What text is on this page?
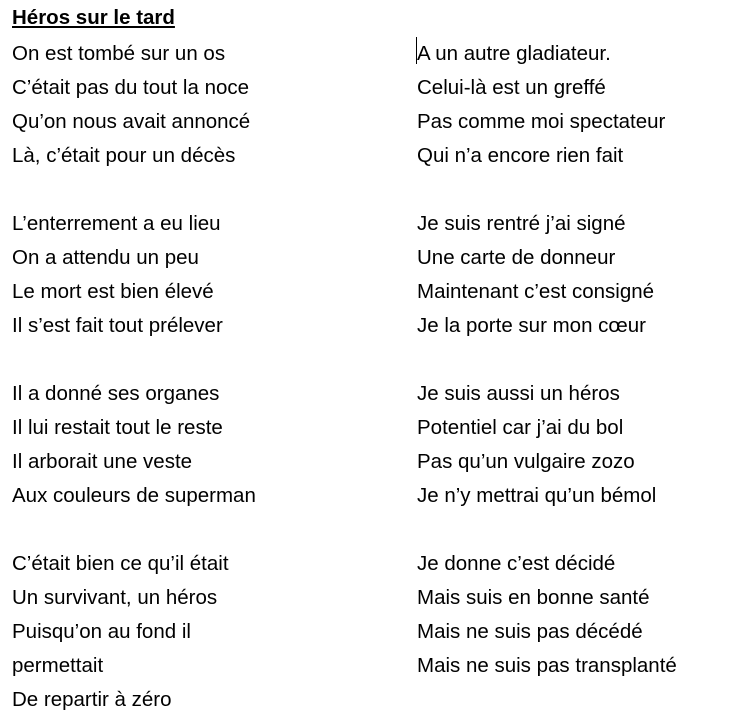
Héros sur le tard
On est tombé sur un os
C’était pas du tout la noce
Qu’on nous avait annoncé
Là, c’était pour un décès
L’enterrement a eu lieu
On a attendu un peu
Le mort est bien élevé
Il s’est fait tout prélever
Il a donné ses organes
Il lui restait tout le reste
Il arborait une veste
Aux couleurs de superman
C’était bien ce qu’il était
Un survivant, un héros
Puisqu’on au fond il
permettait
De repartir à zéro
A un autre gladiateur.
Celui-là est un greffé
Pas comme moi spectateur
Qui n’a encore rien fait
Je suis rentré j’ai signé
Une carte de donneur
Maintenant c’est consigné
Je la porte sur mon cœur
Je suis aussi un héros
Potentiel car j’ai du bol
Pas qu’un vulgaire zozo
Je n’y mettrai qu’un bémol
Je donne c’est décidé
Mais suis en bonne santé
Mais ne suis pas décédé
Mais ne suis pas transplanté
